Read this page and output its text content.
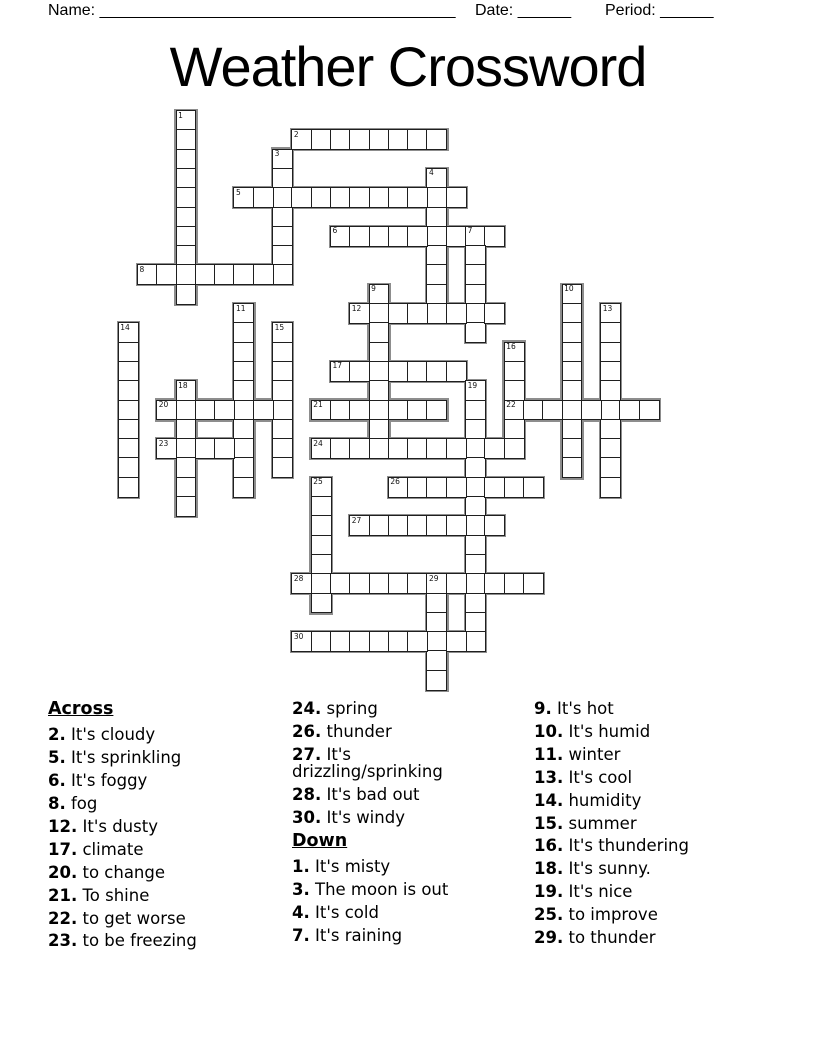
Name: ________________________________________ Date: ______ Period: ______
Weather Crossword
1
2
3
4
5
6	7
8
9	10
11	12	13
14	15
16
22
17
18	19
20	21
23	24
25	26
27
28	29
30
Across
2. It's cloudy
5. It's sprinkling
6. It's foggy
8. fog
12. It's dusty
17. climate
20. to change
21. To shine
22. to get worse
23. to be freezing
24. spring
26. thunder
27. It's drizzling/sprinking
28. It's bad out
30. It's windy
Down
1. It's misty
3. The moon is out
4. It's cold
7. It's raining
9. It's hot
10. It's humid
11. winter
13. It's cool
14. humidity
15. summer
16. It's thundering
18. It's sunny.
19. It's nice
25. to improve
29. to thunder
